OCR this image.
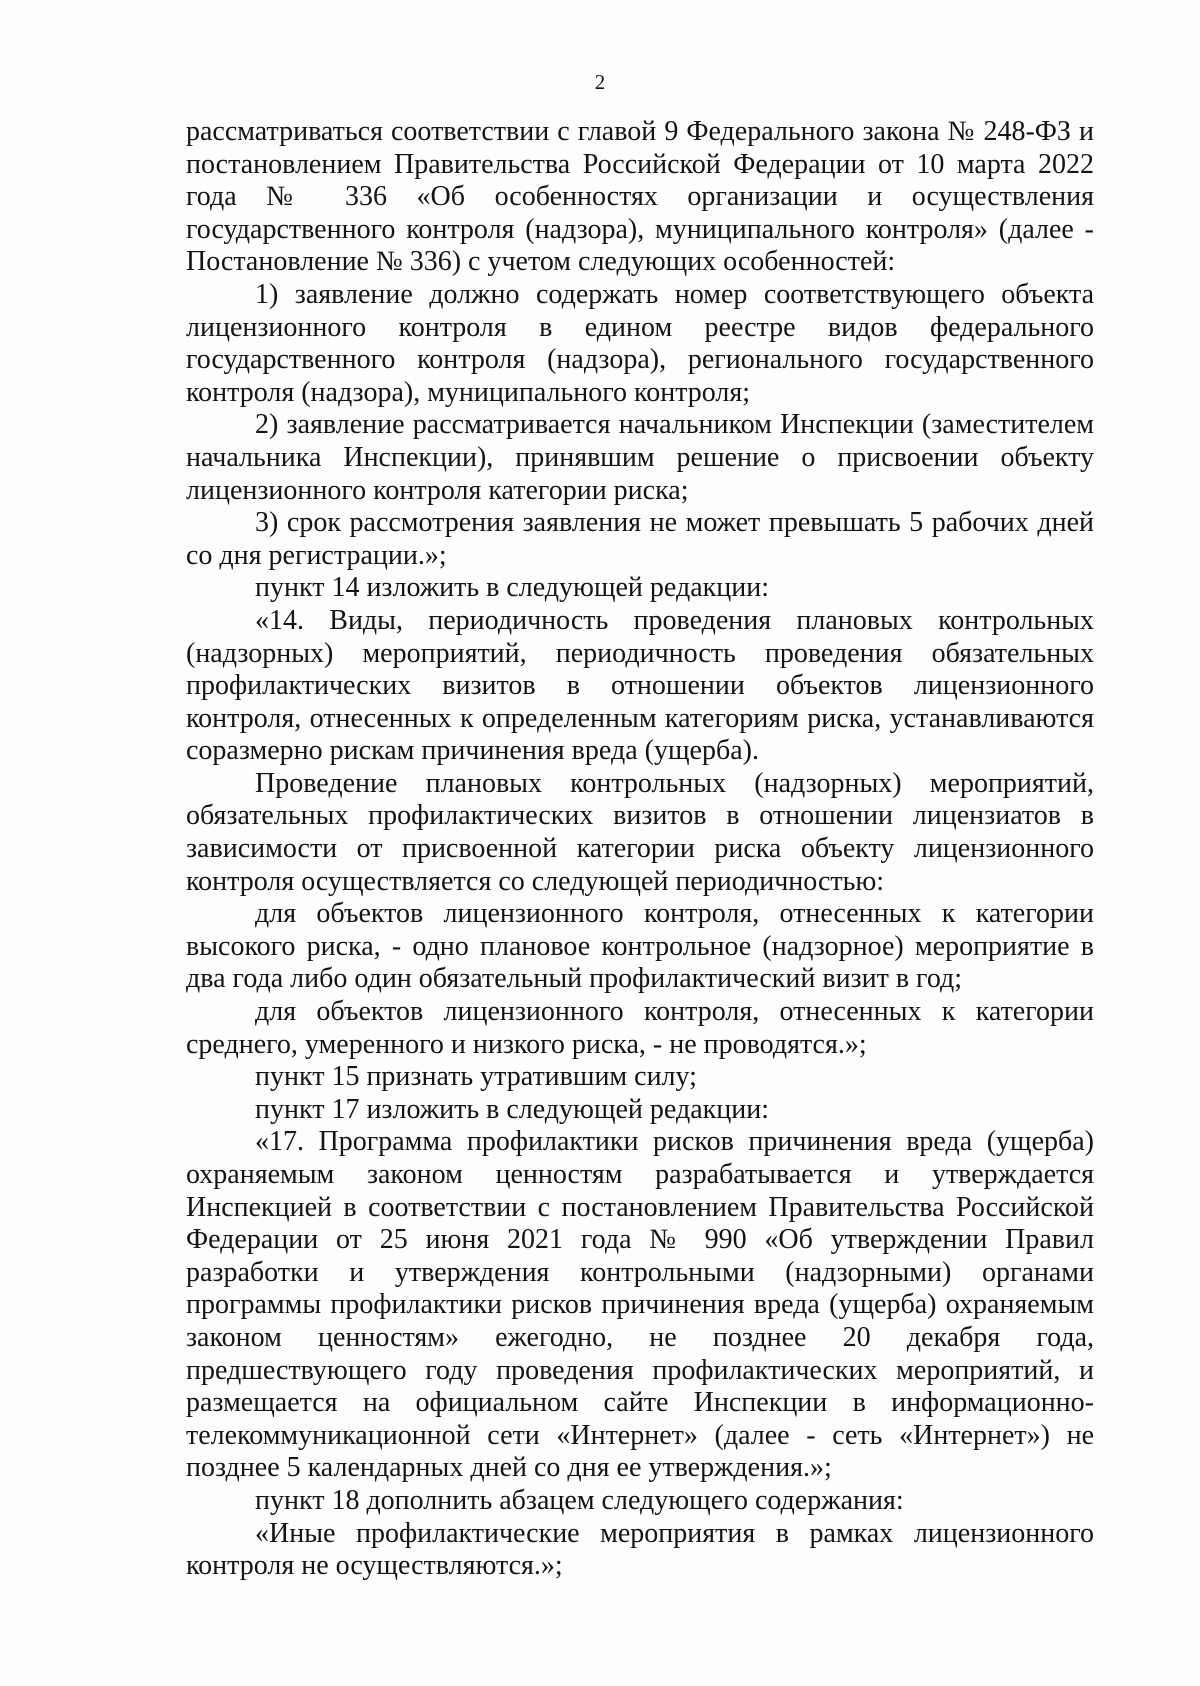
2

рассматриваться соответствии с главой 9 Федерального закона № 248-ФЗ и постановлением Правительства Российской Федерации от 10 марта 2022 года № 336 «Об особенностях организации и осуществления государственного контроля (надзора), муниципального контроля» (далее - Постановление № 336) с учетом следующих особенностей:

1) заявление должно содержать номер соответствующего объекта лицензионного контроля в едином реестре видов федерального государственного контроля (надзора), регионального государственного контроля (надзора), муниципального контроля;

2) заявление рассматривается начальником Инспекции (заместителем начальника Инспекции), принявшим решение о присвоении объекту лицензионного контроля категории риска;

3) срок рассмотрения заявления не может превышать 5 рабочих дней со дня регистрации.»;

пункт 14 изложить в следующей редакции:

«14. Виды, периодичность проведения плановых контрольных (надзорных) мероприятий, периодичность проведения обязательных профилактических визитов в отношении объектов лицензионного контроля, отнесенных к определенным категориям риска, устанавливаются соразмерно рискам причинения вреда (ущерба).

Проведение плановых контрольных (надзорных) мероприятий, обязательных профилактических визитов в отношении лицензиатов в зависимости от присвоенной категории риска объекту лицензионного контроля осуществляется со следующей периодичностью:

для объектов лицензионного контроля, отнесенных к категории высокого риска, - одно плановое контрольное (надзорное) мероприятие в два года либо один обязательный профилактический визит в год;

для объектов лицензионного контроля, отнесенных к категории среднего, умеренного и низкого риска, - не проводятся.»;

пункт 15 признать утратившим силу;

пункт 17 изложить в следующей редакции:

«17. Программа профилактики рисков причинения вреда (ущерба) охраняемым законом ценностям разрабатывается и утверждается Инспекцией в соответствии с постановлением Правительства Российской Федерации от 25 июня 2021 года № 990 «Об утверждении Правил разработки и утверждения контрольными (надзорными) органами программы профилактики рисков причинения вреда (ущерба) охраняемым законом ценностям» ежегодно, не позднее 20 декабря года, предшествующего году проведения профилактических мероприятий, и размещается на официальном сайте Инспекции в информационно-телекоммуникационной сети «Интернет» (далее - сеть «Интернет») не позднее 5 календарных дней со дня ее утверждения.»;

пункт 18 дополнить абзацем следующего содержания:

«Иные профилактические мероприятия в рамках лицензионного контроля не осуществляются.»;
